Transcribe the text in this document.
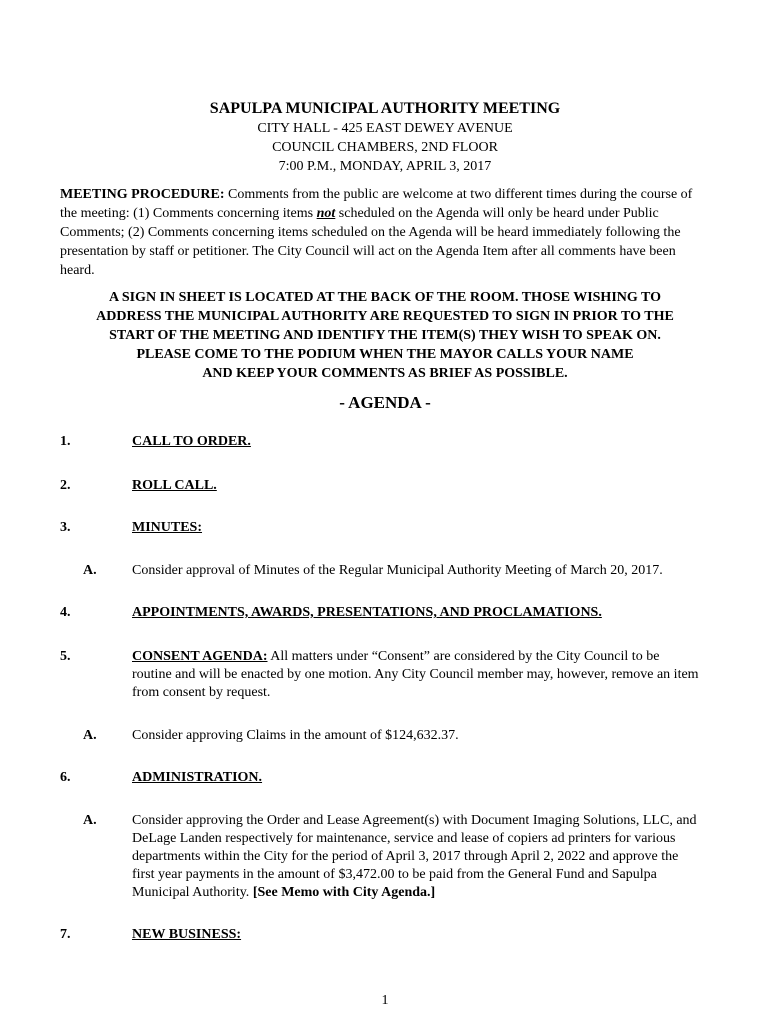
SAPULPA MUNICIPAL AUTHORITY MEETING
CITY HALL - 425 EAST DEWEY AVENUE
COUNCIL CHAMBERS, 2ND FLOOR
7:00 P.M., MONDAY, APRIL 3, 2017
MEETING PROCEDURE: Comments from the public are welcome at two different times during the course of the meeting: (1) Comments concerning items not scheduled on the Agenda will only be heard under Public Comments; (2) Comments concerning items scheduled on the Agenda will be heard immediately following the presentation by staff or petitioner. The City Council will act on the Agenda Item after all comments have been heard.
A SIGN IN SHEET IS LOCATED AT THE BACK OF THE ROOM. THOSE WISHING TO
ADDRESS THE MUNICIPAL AUTHORITY ARE REQUESTED TO SIGN IN PRIOR TO THE
START OF THE MEETING AND IDENTIFY THE ITEM(S) THEY WISH TO SPEAK ON.
PLEASE COME TO THE PODIUM WHEN THE MAYOR CALLS YOUR NAME
AND KEEP YOUR COMMENTS AS BRIEF AS POSSIBLE.
- AGENDA -
1.	CALL TO ORDER.
2.	ROLL CALL.
3.	MINUTES:
A.	Consider approval of Minutes of the Regular Municipal Authority Meeting of March 20, 2017.
4.	APPOINTMENTS, AWARDS, PRESENTATIONS, AND PROCLAMATIONS.
5.	CONSENT AGENDA: All matters under “Consent” are considered by the City Council to be routine and will be enacted by one motion. Any City Council member may, however, remove an item from consent by request.
A.	Consider approving Claims in the amount of $124,632.37.
6.	ADMINISTRATION.
A.	Consider approving the Order and Lease Agreement(s) with Document Imaging Solutions, LLC, and DeLage Landen respectively for maintenance, service and lease of copiers ad printers for various departments within the City for the period of April 3, 2017 through April 2, 2022 and approve the first year payments in the amount of $3,472.00 to be paid from the General Fund and Sapulpa Municipal Authority. [See Memo with City Agenda.]
7.	NEW BUSINESS:
1
